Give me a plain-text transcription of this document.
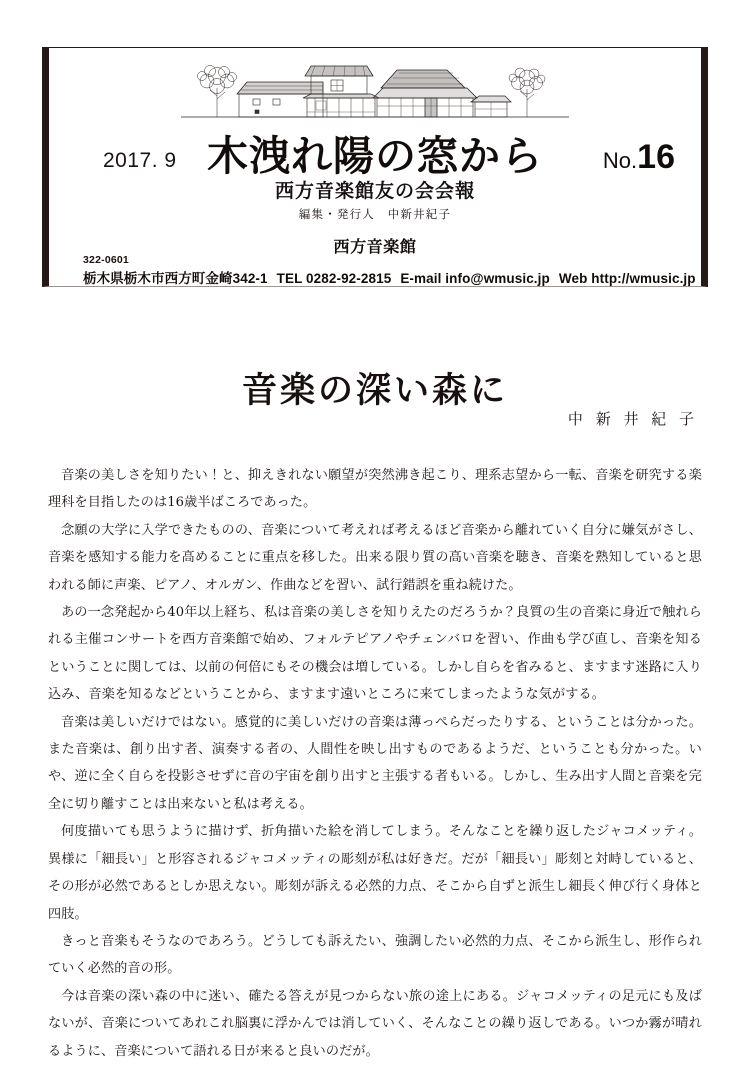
2017. 9 木洩れ陽の窓から	No.16
西方音楽館友の会会報
編集・発行人　中新井紀子
西方音楽館
322-0601
栃木県栃木市西方町金崎342-1 TEL 0282-92-2815 E-mail info@wmusic.jp Web http://wmusic.jp
音楽の深い森に
中 新 井 紀 子

音楽の美しさを知りたい！と、抑えきれない願望が突然沸き起こり、理系志望から一転、音楽を研究する楽理科を目指したのは16歳半ばころであった。

念願の大学に入学できたものの、音楽について考えれば考えるほど音楽から離れていく自分に嫌気がさし、音楽を感知する能力を高めることに重点を移した。出来る限り質の高い音楽を聴き、音楽を熟知していると思われる師に声楽、ピアノ、オルガン、作曲などを習い、試行錯誤を重ね続けた。

あの一念発起から40年以上経ち、私は音楽の美しさを知りえたのだろうか？良質の生の音楽に身近で触れられる主催コンサートを西方音楽館で始め、フォルテピアノやチェンバロを習い、作曲も学び直し、音楽を知るということに関しては、以前の何倍にもその機会は増している。しかし自らを省みると、ますます迷路に入り込み、音楽を知るなどということから、ますます遠いところに来てしまったような気がする。

音楽は美しいだけではない。感覚的に美しいだけの音楽は薄っぺらだったりする、ということは分かった。また音楽は、創り出す者、演奏する者の、人間性を映し出すものであるようだ、ということも分かった。いや、逆に全く自らを投影させずに音の宇宙を創り出すと主張する者もいる。しかし、生み出す人間と音楽を完全に切り離すことは出来ないと私は考える。

何度描いても思うように描けず、折角描いた絵を消してしまう。そんなことを繰り返したジャコメッティ。異様に「細長い」と形容されるジャコメッティの彫刻が私は好きだ。だが「細長い」彫刻と対峙していると、その形が必然であるとしか思えない。彫刻が訴える必然的力点、そこから自ずと派生し細長く伸び行く身体と四肢。

きっと音楽もそうなのであろう。どうしても訴えたい、強調したい必然的力点、そこから派生し、形作られていく必然的音の形。

今は音楽の深い森の中に迷い、確たる答えが見つからない旅の途上にある。ジャコメッティの足元にも及ばないが、音楽についてあれこれ脳裏に浮かんでは消していく、そんなことの繰り返しである。いつか霧が晴れるように、音楽について語れる日が来ると良いのだが。
